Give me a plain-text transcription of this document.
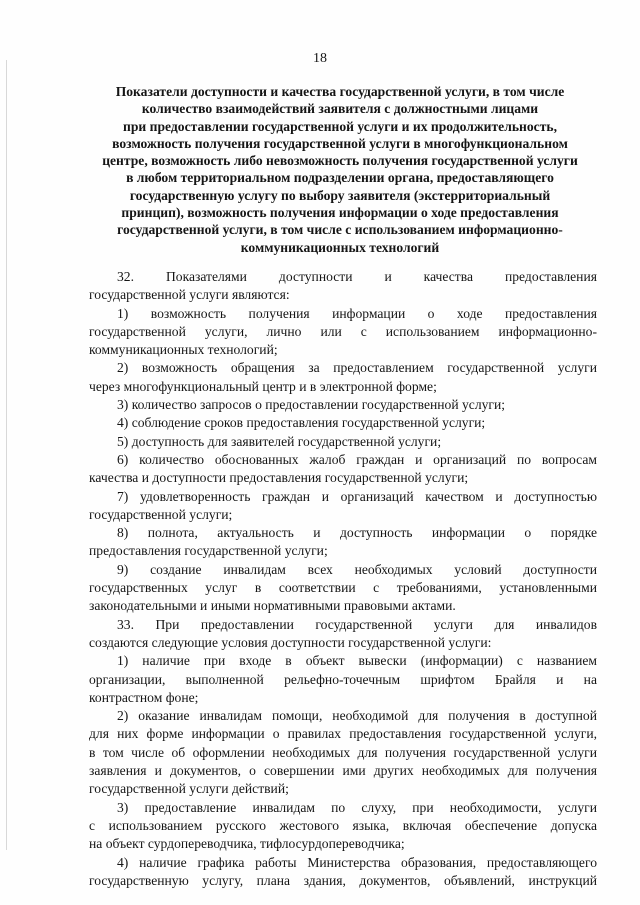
18
Показатели доступности и качества государственной услуги, в том числе
количество взаимодействий заявителя с должностными лицами
при предоставлении государственной услуги и их продолжительность,
возможность получения государственной услуги в многофункциональном
центре, возможность либо невозможность получения государственной услуги
в любом территориальном подразделении органа, предоставляющего
государственную услугу по выбору заявителя (экстерриториальный
принцип), возможность получения информации о ходе предоставления
государственной услуги, в том числе с использованием информационно-
коммуникационных технологий
32. Показателями доступности и качества предоставления
государственной услуги являются:
1) возможность получения информации о ходе предоставления
государственной услуги, лично или с использованием информационно-
коммуникационных технологий;
2) возможность обращения за предоставлением государственной услуги
через многофункциональный центр и в электронной форме;
3) количество запросов о предоставлении государственной услуги;
4) соблюдение сроков предоставления государственной услуги;
5) доступность для заявителей государственной услуги;
6) количество обоснованных жалоб граждан и организаций по вопросам
качества и доступности предоставления государственной услуги;
7) удовлетворенность граждан и организаций качеством и доступностью
государственной услуги;
8) полнота, актуальность и доступность информации о порядке
предоставления государственной услуги;
9) создание инвалидам всех необходимых условий доступности
государственных услуг в соответствии с требованиями, установленными
законодательными и иными нормативными правовыми актами.
33. При предоставлении государственной услуги для инвалидов
создаются следующие условия доступности государственной услуги:
1) наличие при входе в объект вывески (информации) с названием
организации, выполненной рельефно-точечным шрифтом Брайля и на
контрастном фоне;
2) оказание инвалидам помощи, необходимой для получения в доступной
для них форме информации о правилах предоставления государственной услуги,
в том числе об оформлении необходимых для получения государственной услуги
заявления и документов, о совершении ими других необходимых для получения
государственной услуги действий;
3) предоставление инвалидам по слуху, при необходимости, услуги
с использованием русского жестового языка, включая обеспечение допуска
на объект сурдопереводчика, тифлосурдопереводчика;
4) наличие графика работы Министерства образования, предоставляющего
государственную услугу, плана здания, документов, объявлений, инструкций
